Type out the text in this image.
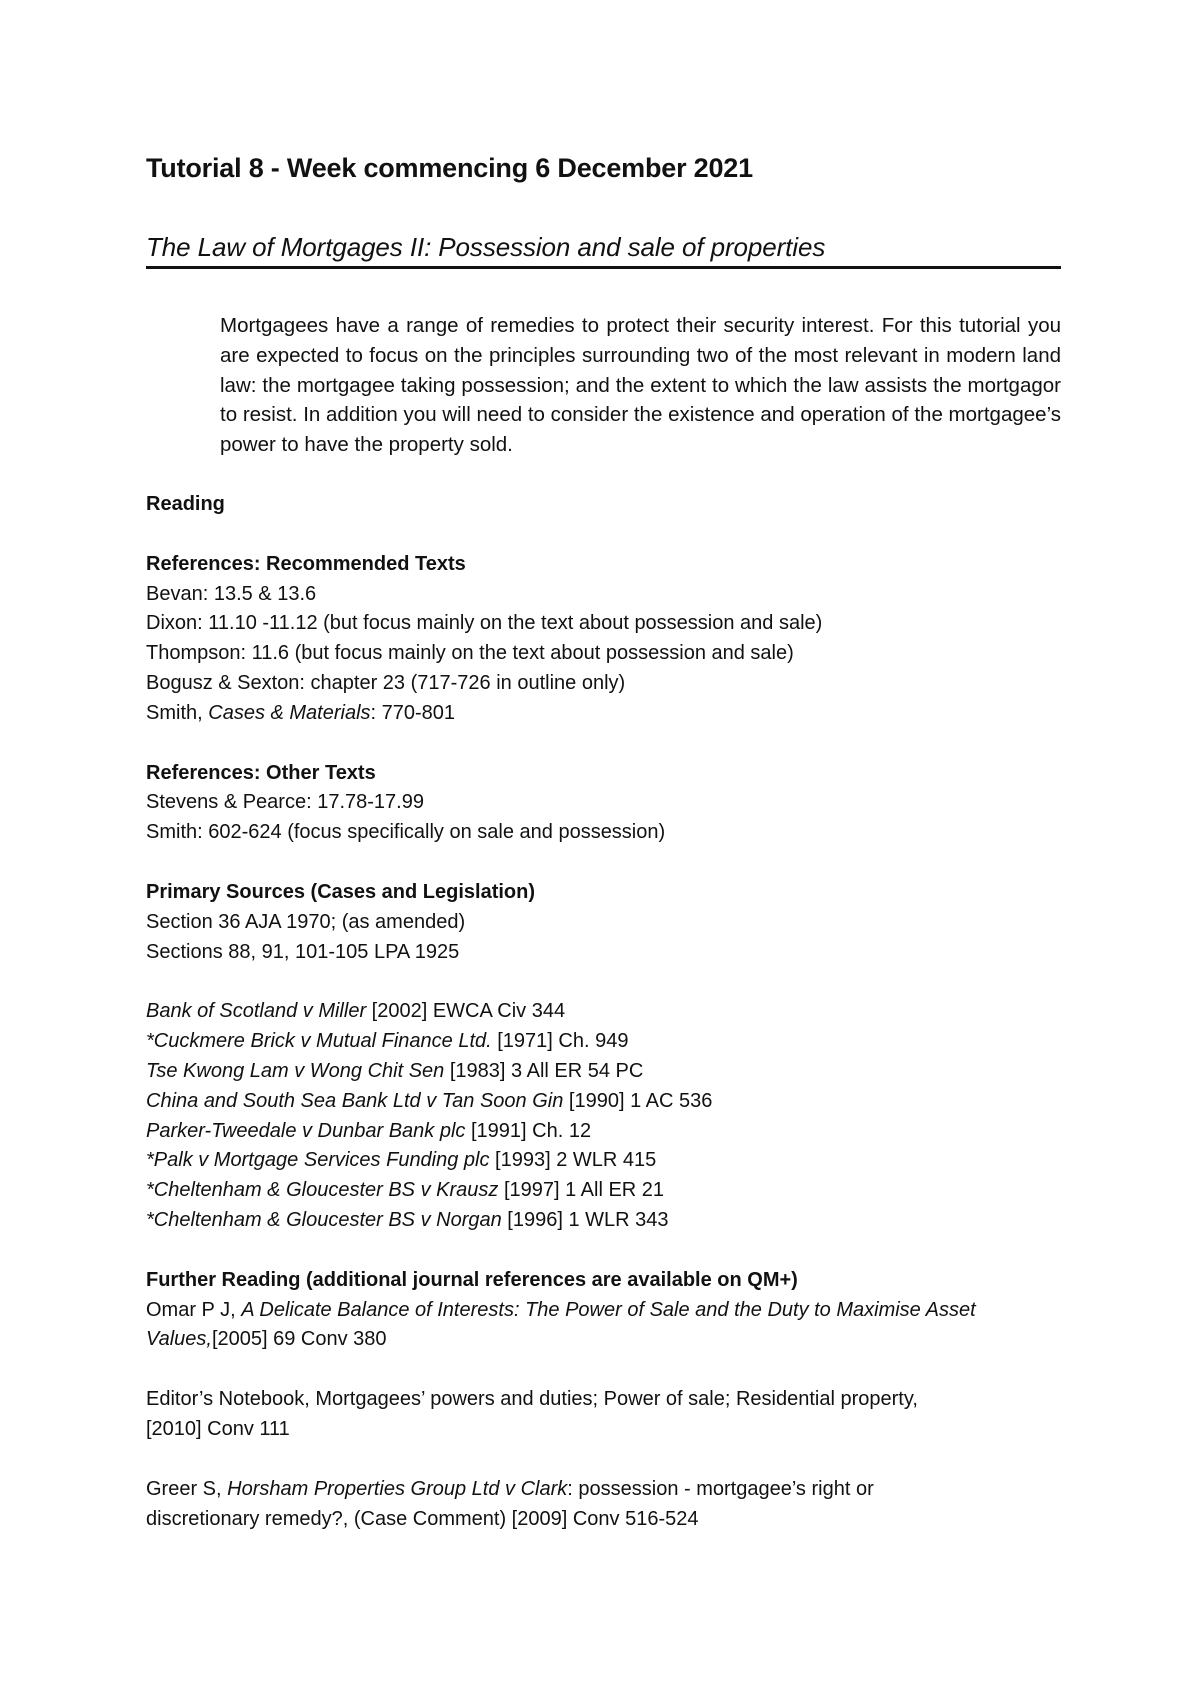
Tutorial 8 - Week commencing 6 December 2021
The Law of Mortgages II: Possession and sale of properties

Mortgagees have a range of remedies to protect their security interest. For this tutorial you are expected to focus on the principles surrounding two of the most relevant in modern land law: the mortgagee taking possession; and the extent to which the law assists the mortgagor to resist. In addition you will need to consider the existence and operation of the mortgagee’s power to have the property sold.

Reading
References: Recommended Texts
Bevan: 13.5 & 13.6
Dixon: 11.10 -11.12 (but focus mainly on the text about possession and sale)
Thompson: 11.6 (but focus mainly on the text about possession and sale)
Bogusz & Sexton: chapter 23 (717-726 in outline only)
Smith, Cases & Materials: 770-801
References: Other Texts
Stevens & Pearce: 17.78-17.99
Smith: 602-624 (focus specifically on sale and possession)
Primary Sources (Cases and Legislation)
Section 36 AJA 1970; (as amended)
Sections 88, 91, 101-105 LPA 1925
Bank of Scotland v Miller [2002] EWCA Civ 344
*Cuckmere Brick v Mutual Finance Ltd. [1971] Ch. 949
Tse Kwong Lam v Wong Chit Sen [1983] 3 All ER 54 PC
China and South Sea Bank Ltd v Tan Soon Gin [1990] 1 AC 536
Parker-Tweedale v Dunbar Bank plc [1991] Ch. 12
*Palk v Mortgage Services Funding plc [1993] 2 WLR 415
*Cheltenham & Gloucester BS v Krausz [1997] 1 All ER 21
*Cheltenham & Gloucester BS v Norgan [1996] 1 WLR 343
Further Reading (additional journal references are available on QM+)
Omar P J, A Delicate Balance of Interests: The Power of Sale and the Duty to Maximise Asset
Values,[2005] 69 Conv 380
Editor’s Notebook, Mortgagees’ powers and duties; Power of sale; Residential property,
[2010] Conv 111
Greer S, Horsham Properties Group Ltd v Clark: possession - mortgagee’s right or
discretionary remedy?, (Case Comment) [2009] Conv 516-524
